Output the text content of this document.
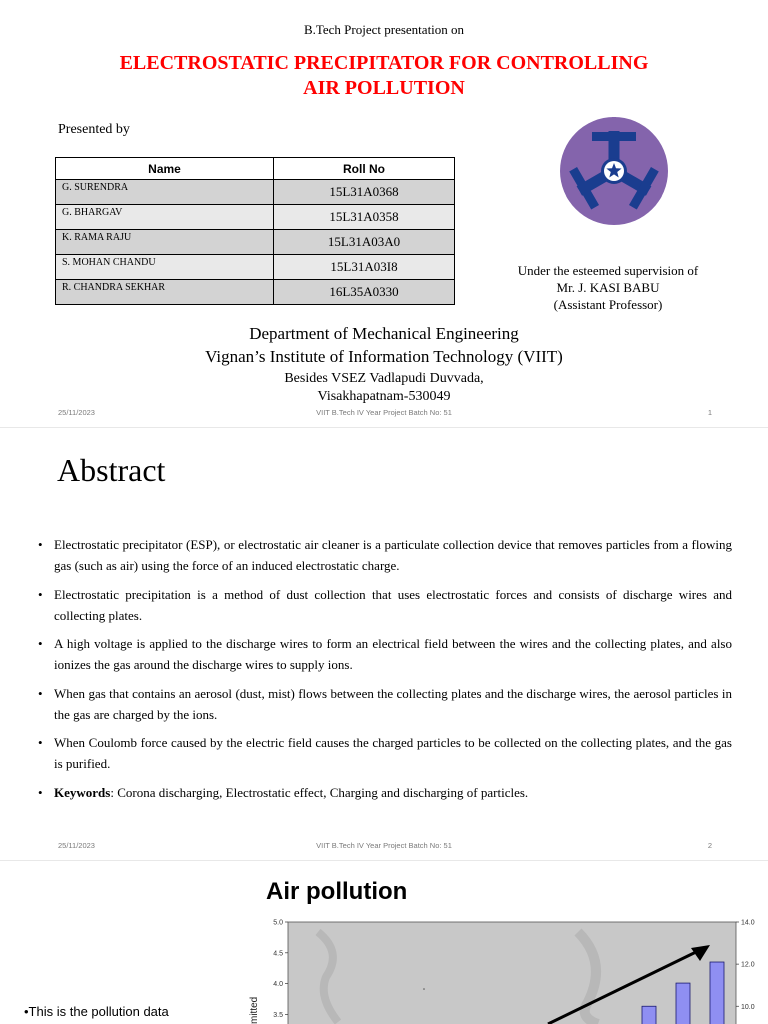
B.Tech Project presentation on
ELECTROSTATIC PRECIPITATOR FOR CONTROLLING
AIR POLLUTION
Presented by
Name	Roll No
G. SURENDRA	15L31A0368
G. BHARGAV	15L31A0358
K. RAMA RAJU	15L31A03A0
S. MOHAN CHANDU	15L31A03I8
R. CHANDRA SEKHAR	16L35A0330
Under the esteemed supervision of
Mr. J. KASI BABU
(Assistant Professor)
Department of Mechanical Engineering
Vignan’s Institute of Information Technology (VIIT)
Besides VSEZ Vadlapudi Duvvada,
Visakhapatnam-530049
25/11/2023	VIIT B.Tech IV Year Project Batch No: 51	1
Abstract
• Electrostatic precipitator (ESP), or electrostatic air cleaner is a particulate collection device that removes particles from a flowing gas (such as air) using the force of an induced electrostatic charge.
• Electrostatic precipitation is a method of dust collection that uses electrostatic forces and consists of discharge wires and collecting plates.
• A high voltage is applied to the discharge wires to form an electrical field between the wires and the collecting plates, and also ionizes the gas around the discharge wires to supply ions.
• When gas that contains an aerosol (dust, mist) flows between the collecting plates and the discharge wires, the aerosol particles in the gas are charged by the ions.
• When Coulomb force caused by the electric field causes the charged particles to be collected on the collecting plates, and the gas is purified.
• Keywords: Corona discharging, Electrostatic effect, Charging and discharging of particles.
25/11/2023	VIIT B.Tech IV Year Project Batch No: 51	2
Air pollution
•This is the pollution data
5.0
4.5
4.0
3.5
14.0
12.0
10.0
mitted
